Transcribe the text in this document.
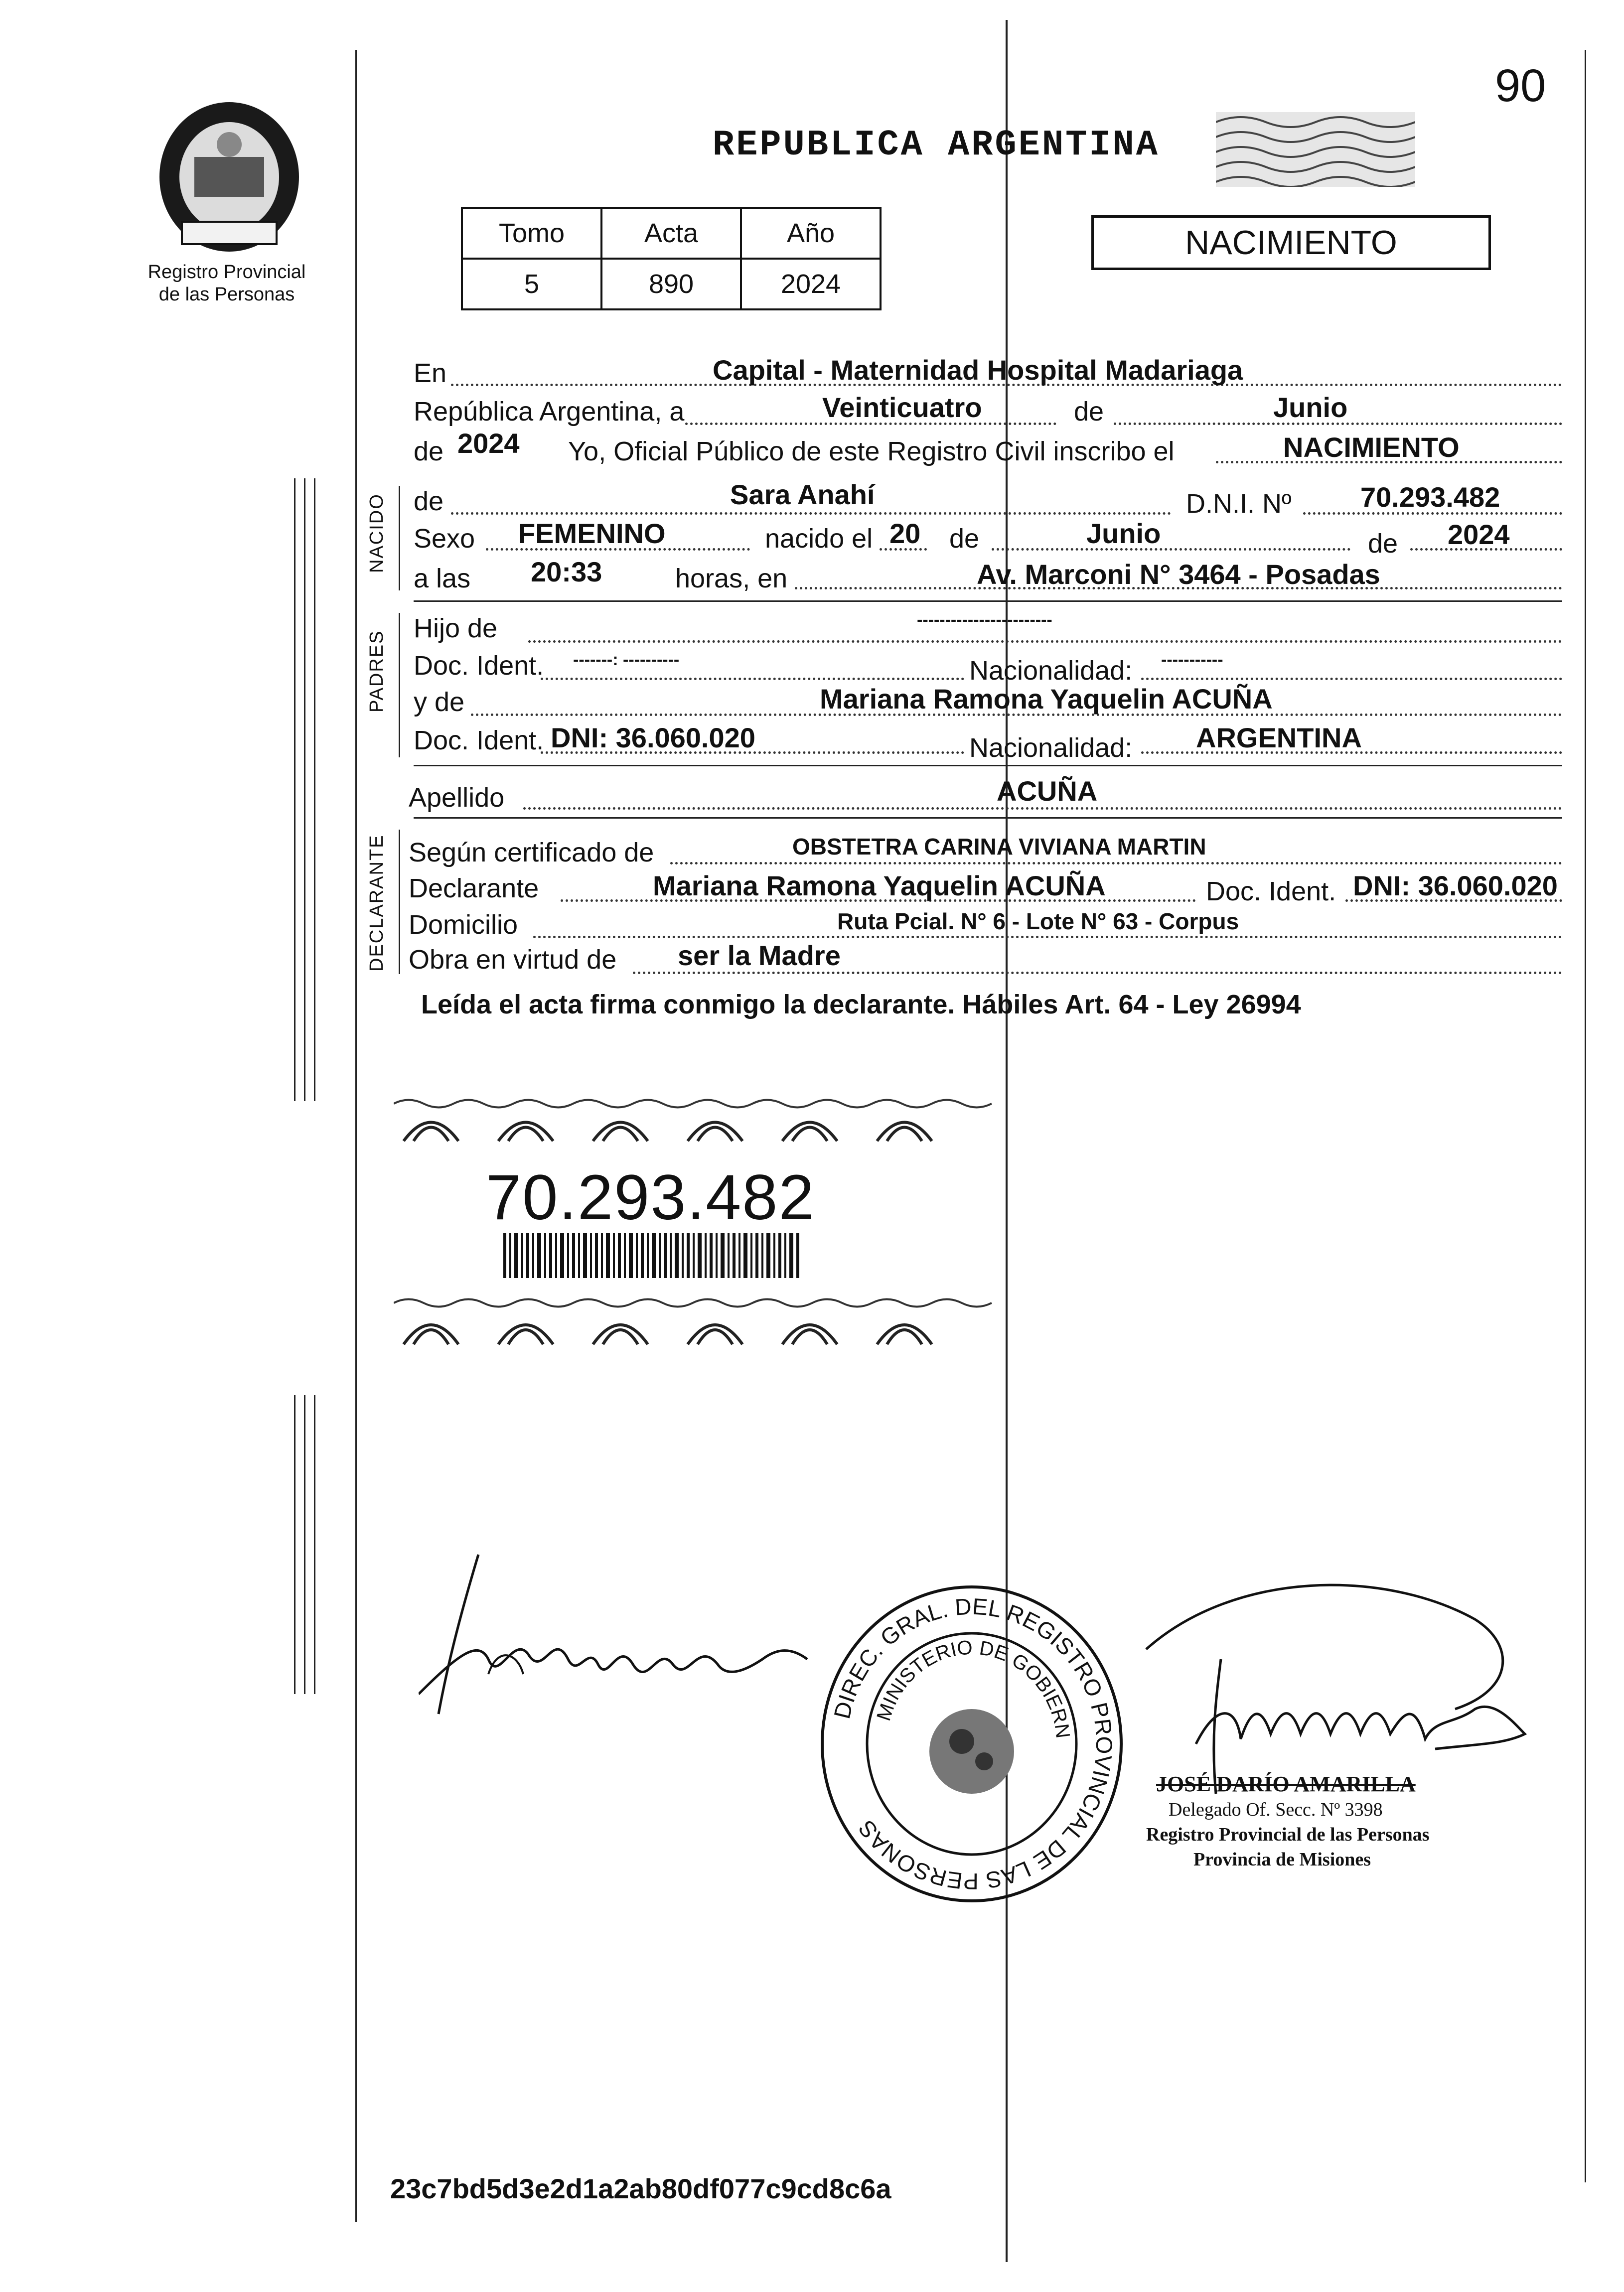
90
Registro Provincial
de las Personas
REPUBLICA ARGENTINA
Tomo	Acta	Año
5	890	2024
NACIMIENTO
NACIDO
PADRES
DECLARANTE
En	Capital - Maternidad Hospital Madariaga
República Argentina, a	Veinticuatro	de	Junio
de 2024 Yo, Oficial Público de este Registro Civil inscribo el	NACIMIENTO
de	Sara Anahí	D.N.I. Nº 70.293.482
Sexo FEMENINO	nacido el 20 de	Junio	de 2024
a las 20:33	horas, en	Av. Marconi N° 3464 - Posadas
Hijo de	------------------------
Doc. Ident. -------: ----------	Nacionalidad: -----------
y de	Mariana Ramona Yaquelin ACUÑA
Doc. Ident. DNI: 36.060.020	Nacionalidad: ARGENTINA
Apellido	ACUÑA
Según certificado de	OBSTETRA CARINA VIVIANA MARTIN
Declarante	Mariana Ramona Yaquelin ACUÑA	Doc. Ident. DNI: 36.060.020
Domicilio	Ruta Pcial. N° 6 - Lote N° 63 - Corpus
Obra en virtud de ser la Madre
Leída el acta firma conmigo la declarante. Hábiles Art. 64 - Ley 26994
70.293.482
DIREC. GRAL. DEL REGISTRO PROVINCIAL DE LAS PERSONAS
MINISTERIO DE GOBIERN
JOSÉ DARÍO AMARILLA
Delegado Of. Secc. Nº 3398
Registro Provincial de las Personas
Provincia de Misiones
23c7bd5d3e2d1a2ab80df077c9cd8c6a
